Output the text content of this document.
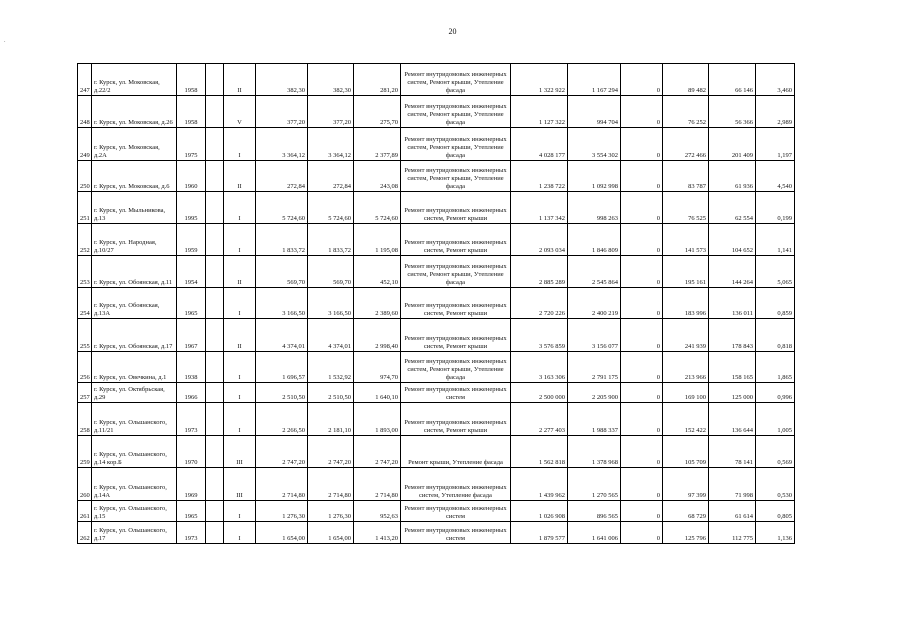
20
.
247	г. Курск, ул. Моковская, д.22/2	1958		II	382,30	382,30	281,20	Ремонт внутридомовых инженерных систем, Ремонт крыши, Утепление фасада	1 322 922	1 167 294	0	89 482	66 146	3,460
248	г. Курск, ул. Моковская, д.26	1958		V	377,20	377,20	275,70	Ремонт внутридомовых инженерных систем, Ремонт крыши, Утепление фасада	1 127 322	994 704	0	76 252	56 366	2,989
249	г. Курск, ул. Моковская, д.2А	1975		I	3 364,12	3 364,12	2 377,89	Ремонт внутридомовых инженерных систем, Ремонт крыши, Утепление фасада	4 028 177	3 554 302	0	272 466	201 409	1,197
250	г. Курск, ул. Моковская, д.6	1960		II	272,84	272,84	243,08	Ремонт внутридомовых инженерных систем, Ремонт крыши, Утепление фасада	1 238 722	1 092 998	0	83 787	61 936	4,540
251	г. Курск, ул. Мыльникова, д.13	1995		I	5 724,60	5 724,60	5 724,60	Ремонт внутридомовых инженерных систем, Ремонт крыши	1 137 342	998 263	0	76 525	62 554	0,199
252	г. Курск, ул. Народная, д.10/27	1959		I	1 833,72	1 833,72	1 195,08	Ремонт внутридомовых инженерных систем, Ремонт крыши	2 093 034	1 846 809	0	141 573	104 652	1,141
253	г. Курск, ул. Обоянская, д.11	1954		II	569,70	569,70	452,10	Ремонт внутридомовых инженерных систем, Ремонт крыши, Утепление фасада	2 885 289	2 545 864	0	195 161	144 264	5,065
254	г. Курск, ул. Обоянская, д.13А	1965		I	3 166,50	3 166,50	2 389,60	Ремонт внутридомовых инженерных систем, Ремонт крыши	2 720 226	2 400 219	0	183 996	136 011	0,859
255	г. Курск, ул. Обоянская, д.17	1967		II	4 374,01	4 374,01	2 998,40	Ремонт внутридомовых инженерных систем, Ремонт крыши	3 576 859	3 156 077	0	241 939	178 843	0,818
256	г. Курск, ул. Овечкина, д.1	1938		I	1 696,57	1 532,92	974,70	Ремонт внутридомовых инженерных систем, Ремонт крыши, Утепление фасада	3 163 306	2 791 175	0	213 966	158 165	1,865
257	г. Курск, ул. Октябрьская, д.29	1966		I	2 510,50	2 510,50	1 640,10	Ремонт внутридомовых инженерных систем	2 500 000	2 205 900	0	169 100	125 000	0,996
258	г. Курск, ул. Ольшанского, д.11/21	1973		I	2 266,50	2 181,10	1 893,00	Ремонт внутридомовых инженерных систем, Ремонт крыши	2 277 403	1 988 337	0	152 422	136 644	1,005
259	г. Курск, ул. Ольшанского, д.14 кор.Б	1970		III	2 747,20	2 747,20	2 747,20	Ремонт крыши, Утепление фасада	1 562 818	1 378 968	0	105 709	78 141	0,569
260	г. Курск, ул. Ольшанского, д.14А	1969		III	2 714,80	2 714,80	2 714,80	Ремонт внутридомовых инженерных систем, Утепление фасада	1 439 962	1 270 565	0	97 399	71 998	0,530
261	г. Курск, ул. Ольшанского, д.15	1965		I	1 276,30	1 276,30	952,63	Ремонт внутридомовых инженерных систем	1 026 908	896 565	0	68 729	61 614	0,805
262	г. Курск, ул. Ольшанского, д.17	1973		I	1 654,00	1 654,00	1 413,20	Ремонт внутридомовых инженерных систем	1 879 577	1 641 006	0	125 796	112 775	1,136
